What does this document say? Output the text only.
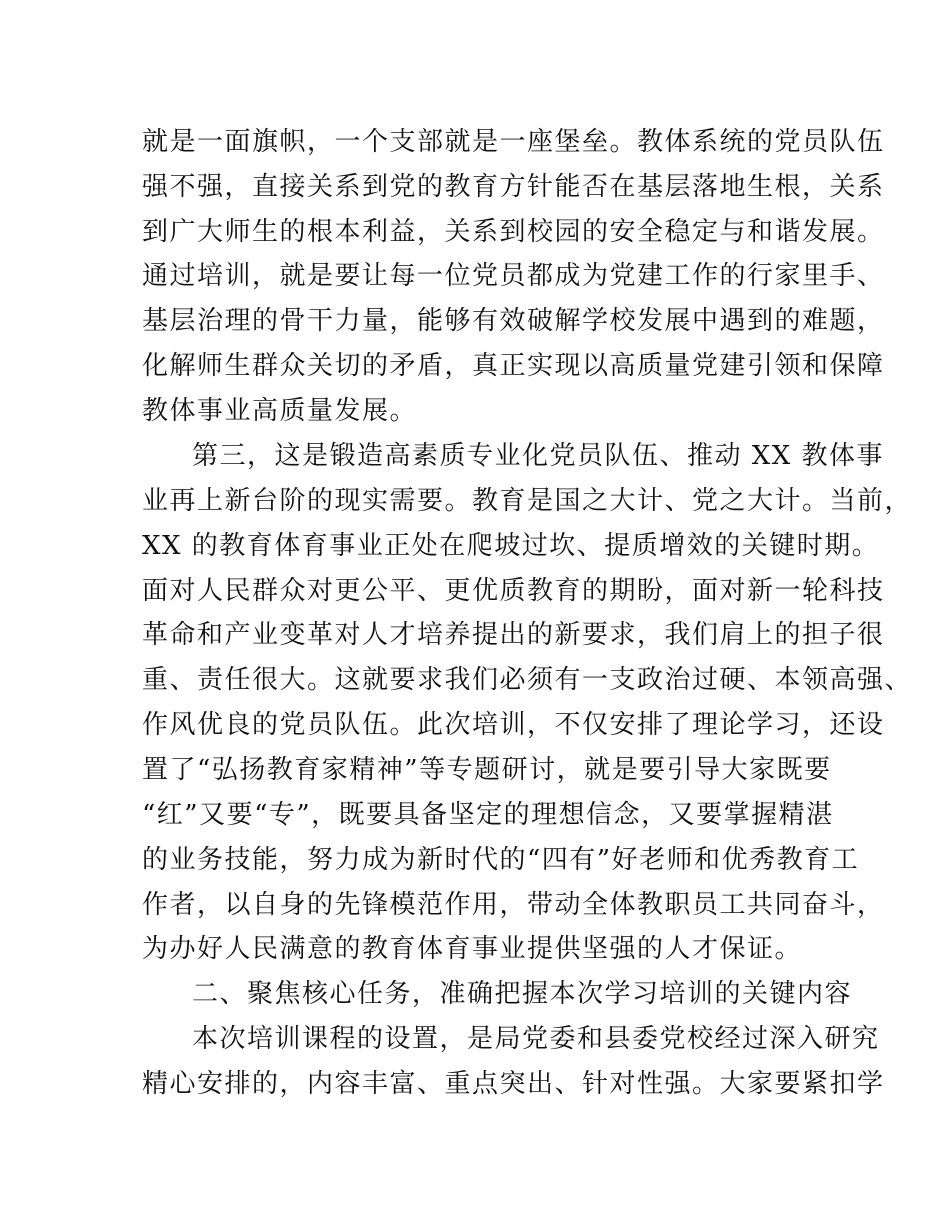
就是一面旗帜，一个支部就是一座堡垒。教体系统的党员队伍
强不强，直接关系到党的教育方针能否在基层落地生根，关系
到广大师生的根本利益，关系到校园的安全稳定与和谐发展。
通过培训，就是要让每一位党员都成为党建工作的行家里手、
基层治理的骨干力量，能够有效破解学校发展中遇到的难题，
化解师生群众关切的矛盾，真正实现以高质量党建引领和保障
教体事业高质量发展。
第三，这是锻造高素质专业化党员队伍、推动 XX 教体事
业再上新台阶的现实需要。教育是国之大计、党之大计。当前，
XX 的教育体育事业正处在爬坡过坎、提质增效的关键时期。
面对人民群众对更公平、更优质教育的期盼，面对新一轮科技
革命和产业变革对人才培养提出的新要求，我们肩上的担子很
重、责任很大。这就要求我们必须有一支政治过硬、本领高强、
作风优良的党员队伍。此次培训，不仅安排了理论学习，还设
置了“弘扬教育家精神”等专题研讨，就是要引导大家既要
“红”又要“专”，既要具备坚定的理想信念，又要掌握精湛
的业务技能，努力成为新时代的“四有”好老师和优秀教育工
作者，以自身的先锋模范作用，带动全体教职员工共同奋斗，
为办好人民满意的教育体育事业提供坚强的人才保证。
二、聚焦核心任务，准确把握本次学习培训的关键内容
本次培训课程的设置，是局党委和县委党校经过深入研究
精心安排的，内容丰富、重点突出、针对性强。大家要紧扣学
